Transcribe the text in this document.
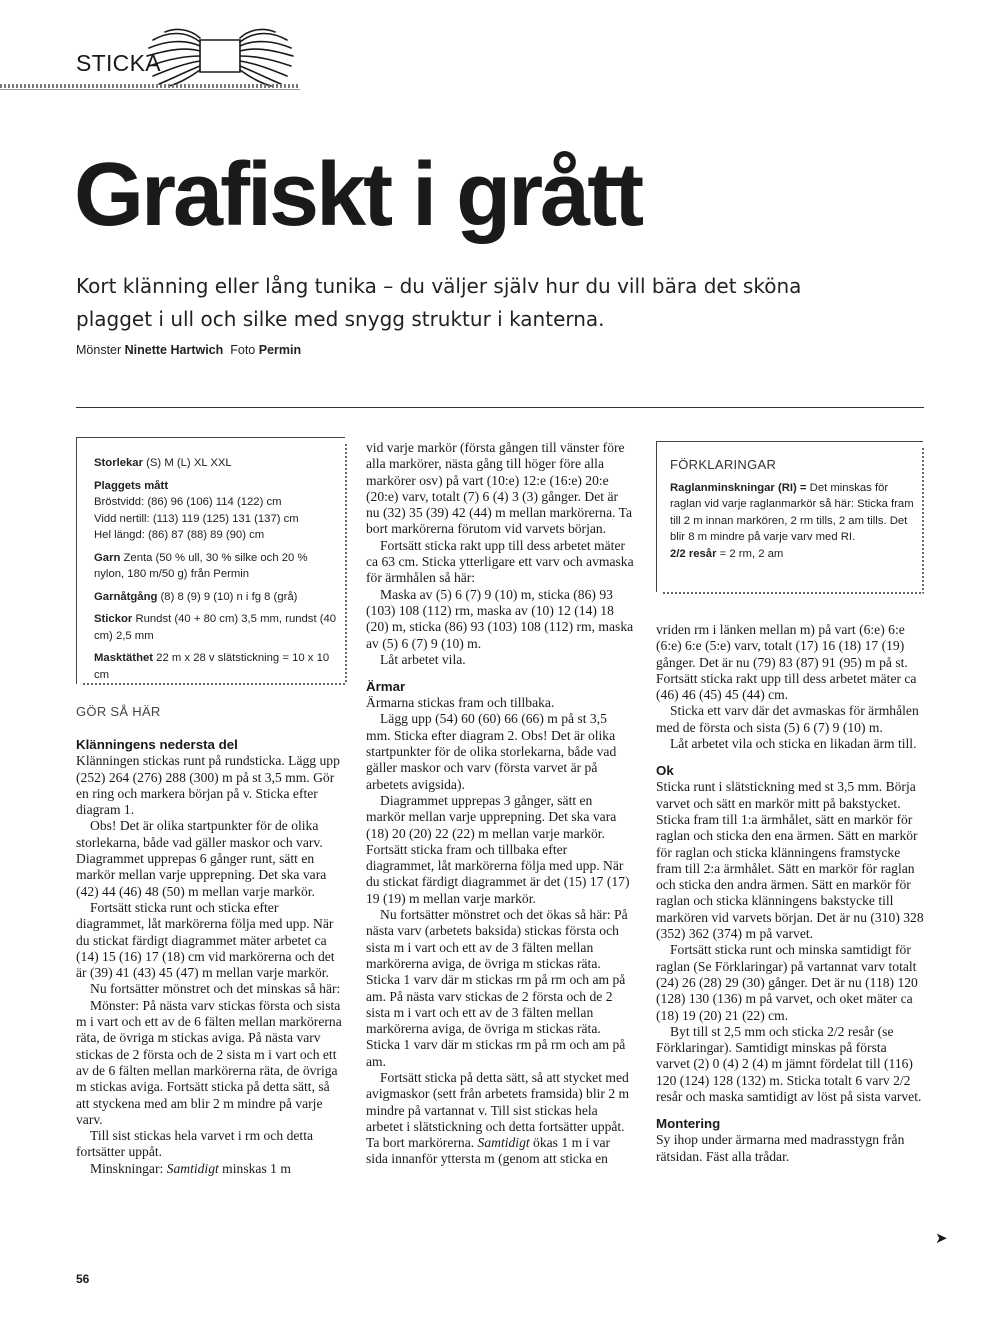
STICKA
Grafiskt i grått
Kort klänning eller lång tunika – du väljer själv hur du vill bära det sköna plagget i ull och silke med snygg struktur i kanterna.
Mönster Ninette Hartwich Foto Permin

Storlekar (S) M (L) XL XXL

Plaggets mått
Bröstvidd: (86) 96 (106) 114 (122) cm
Vidd nertill: (113) 119 (125) 131 (137) cm
Hel längd: (86) 87 (88) 89 (90) cm

Garn Zenta (50 % ull, 30 % silke och 20 % nylon, 180 m/50 g) från Permin

Garnåtgång (8) 8 (9) 9 (10) n i fg 8 (grå)

Stickor Rundst (40 + 80 cm) 3,5 mm, rundst (40 cm) 2,5 mm

Masktäthet 22 m x 28 v slätstickning = 10 x 10 cm

FÖRKLARINGAR

Raglanminskningar (RI) = Det minskas för raglan vid varje raglanmarkör så här: Sticka fram till 2 m innan markören, 2 rm tills, 2 am tills. Det blir 8 m mindre på varje varv med RI.

2/2 resår = 2 rm, 2 am

GÖR SÅ HÄR
Klänningens nedersta del

Klänningen stickas runt på rundsticka. Lägg upp (252) 264 (276) 288 (300) m på st 3,5 mm. Gör en ring och markera början på v. Sticka efter diagram 1.

Obs! Det är olika startpunkter för de olika storlekarna, både vad gäller maskor och varv. Diagrammet upprepas 6 gånger runt, sätt en markör mellan varje upprepning. Det ska vara (42) 44 (46) 48 (50) m mellan varje markör.

Fortsätt sticka runt och sticka efter diagrammet, låt markörerna följa med upp. När du stickat färdigt diagrammet mäter arbetet ca (14) 15 (16) 17 (18) cm vid markörerna och det är (39) 41 (43) 45 (47) m mellan varje markör.

Nu fortsätter mönstret och det minskas så här:

Mönster: På nästa varv stickas första och sista m i vart och ett av de 6 fälten mellan markörerna räta, de övriga m stickas aviga. På nästa varv stickas de 2 första och de 2 sista m i vart och ett av de 6 fälten mellan markörerna räta, de övriga m stickas aviga. Fortsätt sticka på detta sätt, så att styckena med am blir 2 m mindre på varje varv.

Till sist stickas hela varvet i rm och detta fortsätter uppåt.

Minskningar: Samtidigt minskas 1 m

vid varje markör (första gången till vänster före alla markörer, nästa gång till höger före alla markörer osv) på vart (10:e) 12:e (16:e) 20:e (20:e) varv, totalt (7) 6 (4) 3 (3) gånger. Det är nu (32) 35 (39) 42 (44) m mellan markörerna. Ta bort markörerna förutom vid varvets början.

Fortsätt sticka rakt upp till dess arbetet mäter ca 63 cm. Sticka ytterligare ett varv och avmaska för ärmhålen så här:

Maska av (5) 6 (7) 9 (10) m, sticka (86) 93 (103) 108 (112) rm, maska av (10) 12 (14) 18 (20) m, sticka (86) 93 (103) 108 (112) rm, maska av (5) 6 (7) 9 (10) m.

Låt arbetet vila.

Ärmar

Ärmarna stickas fram och tillbaka.

Lägg upp (54) 60 (60) 66 (66) m på st 3,5 mm. Sticka efter diagram 2. Obs! Det är olika startpunkter för de olika storlekarna, både vad gäller maskor och varv (första varvet är på arbetets avigsida).

Diagrammet upprepas 3 gånger, sätt en markör mellan varje upprepning. Det ska vara (18) 20 (20) 22 (22) m mellan varje markör. Fortsätt sticka fram och tillbaka efter diagrammet, låt markörerna följa med upp. När du stickat färdigt diagrammet är det (15) 17 (17) 19 (19) m mellan varje markör.

Nu fortsätter mönstret och det ökas så här: På nästa varv (arbetets baksida) stickas första och sista m i vart och ett av de 3 fälten mellan markörerna aviga, de övriga m stickas räta. Sticka 1 varv där m stickas rm på rm och am på am. På nästa varv stickas de 2 första och de 2 sista m i vart och ett av de 3 fälten mellan markörerna aviga, de övriga m stickas räta. Sticka 1 varv där m stickas rm på rm och am på am.

Fortsätt sticka på detta sätt, så att stycket med avigmaskor (sett från arbetets framsida) blir 2 m mindre på vartannat v. Till sist stickas hela arbetet i slätstickning och detta fortsätter uppåt. Ta bort markörerna. Samtidigt ökas 1 m i var sida innanför yttersta m (genom att sticka en

vriden rm i länken mellan m) på vart (6:e) 6:e (6:e) 6:e (5:e) varv, totalt (17) 16 (18) 17 (19) gånger. Det är nu (79) 83 (87) 91 (95) m på st. Fortsätt sticka rakt upp till dess arbetet mäter ca (46) 46 (45) 45 (44) cm.

Sticka ett varv där det avmaskas för ärmhålen med de första och sista (5) 6 (7) 9 (10) m.

Låt arbetet vila och sticka en likadan ärm till.

Ok

Sticka runt i slätstickning med st 3,5 mm. Börja varvet och sätt en markör mitt på bakstycket. Sticka fram till 1:a ärmhålet, sätt en markör för raglan och sticka den ena ärmen. Sätt en markör för raglan och sticka klänningens framstycke fram till 2:a ärmhålet. Sätt en markör för raglan och sticka den andra ärmen. Sätt en markör för raglan och sticka klänningens bakstycke till markören vid varvets början. Det är nu (310) 328 (352) 362 (374) m på varvet.

Fortsätt sticka runt och minska samtidigt för raglan (Se Förklaringar) på vartannat varv totalt (24) 26 (28) 29 (30) gånger. Det är nu (118) 120 (128) 130 (136) m på varvet, och oket mäter ca (18) 19 (20) 21 (22) cm.

Byt till st 2,5 mm och sticka 2/2 resår (se Förklaringar). Samtidigt minskas på första varvet (2) 0 (4) 2 (4) m jämnt fördelat till (116) 120 (124) 128 (132) m. Sticka totalt 6 varv 2/2 resår och maska samtidigt av löst på sista varvet.

Montering

Sy ihop under ärmarna med madrasstygn från rätsidan. Fäst alla trådar.

➤
56
